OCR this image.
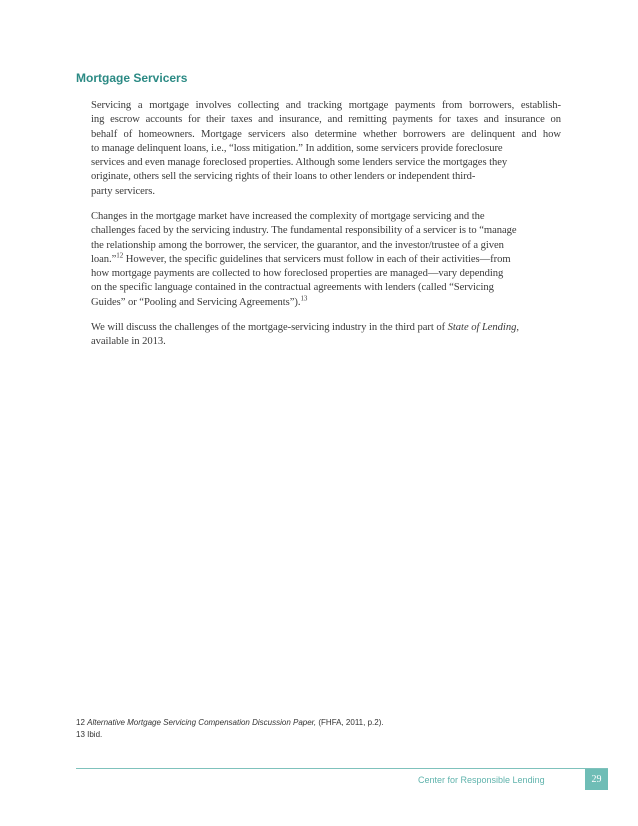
Mortgage Servicers
Servicing a mortgage involves collecting and tracking mortgage payments from borrowers, establish-
ing escrow accounts for their taxes and insurance, and remitting payments for taxes and insurance on
behalf of homeowners. Mortgage servicers also determine whether borrowers are delinquent and how
to manage delinquent loans, i.e., “loss mitigation.” In addition, some servicers provide foreclosure
services and even manage foreclosed properties. Although some lenders service the mortgages they
originate, others sell the servicing rights of their loans to other lenders or independent third-
party servicers.
Changes in the mortgage market have increased the complexity of mortgage servicing and the
challenges faced by the servicing industry. The fundamental responsibility of a servicer is to “manage
the relationship among the borrower, the servicer, the guarantor, and the investor/trustee of a given
loan.”$^{12}$ However, the specific guidelines that servicers must follow in each of their activities—from
how mortgage payments are collected to how foreclosed properties are managed—vary depending
on the specific language contained in the contractual agreements with lenders (called “Servicing
Guides” or “Pooling and Servicing Agreements”).$^{13}$
We will discuss the challenges of the mortgage-servicing industry in the third part of State of Lending,
available in 2013.
12 Alternative Mortgage Servicing Compensation Discussion Paper, (FHFA, 2011, p.2).
13 Ibid.
Center for Responsible Lending	29
